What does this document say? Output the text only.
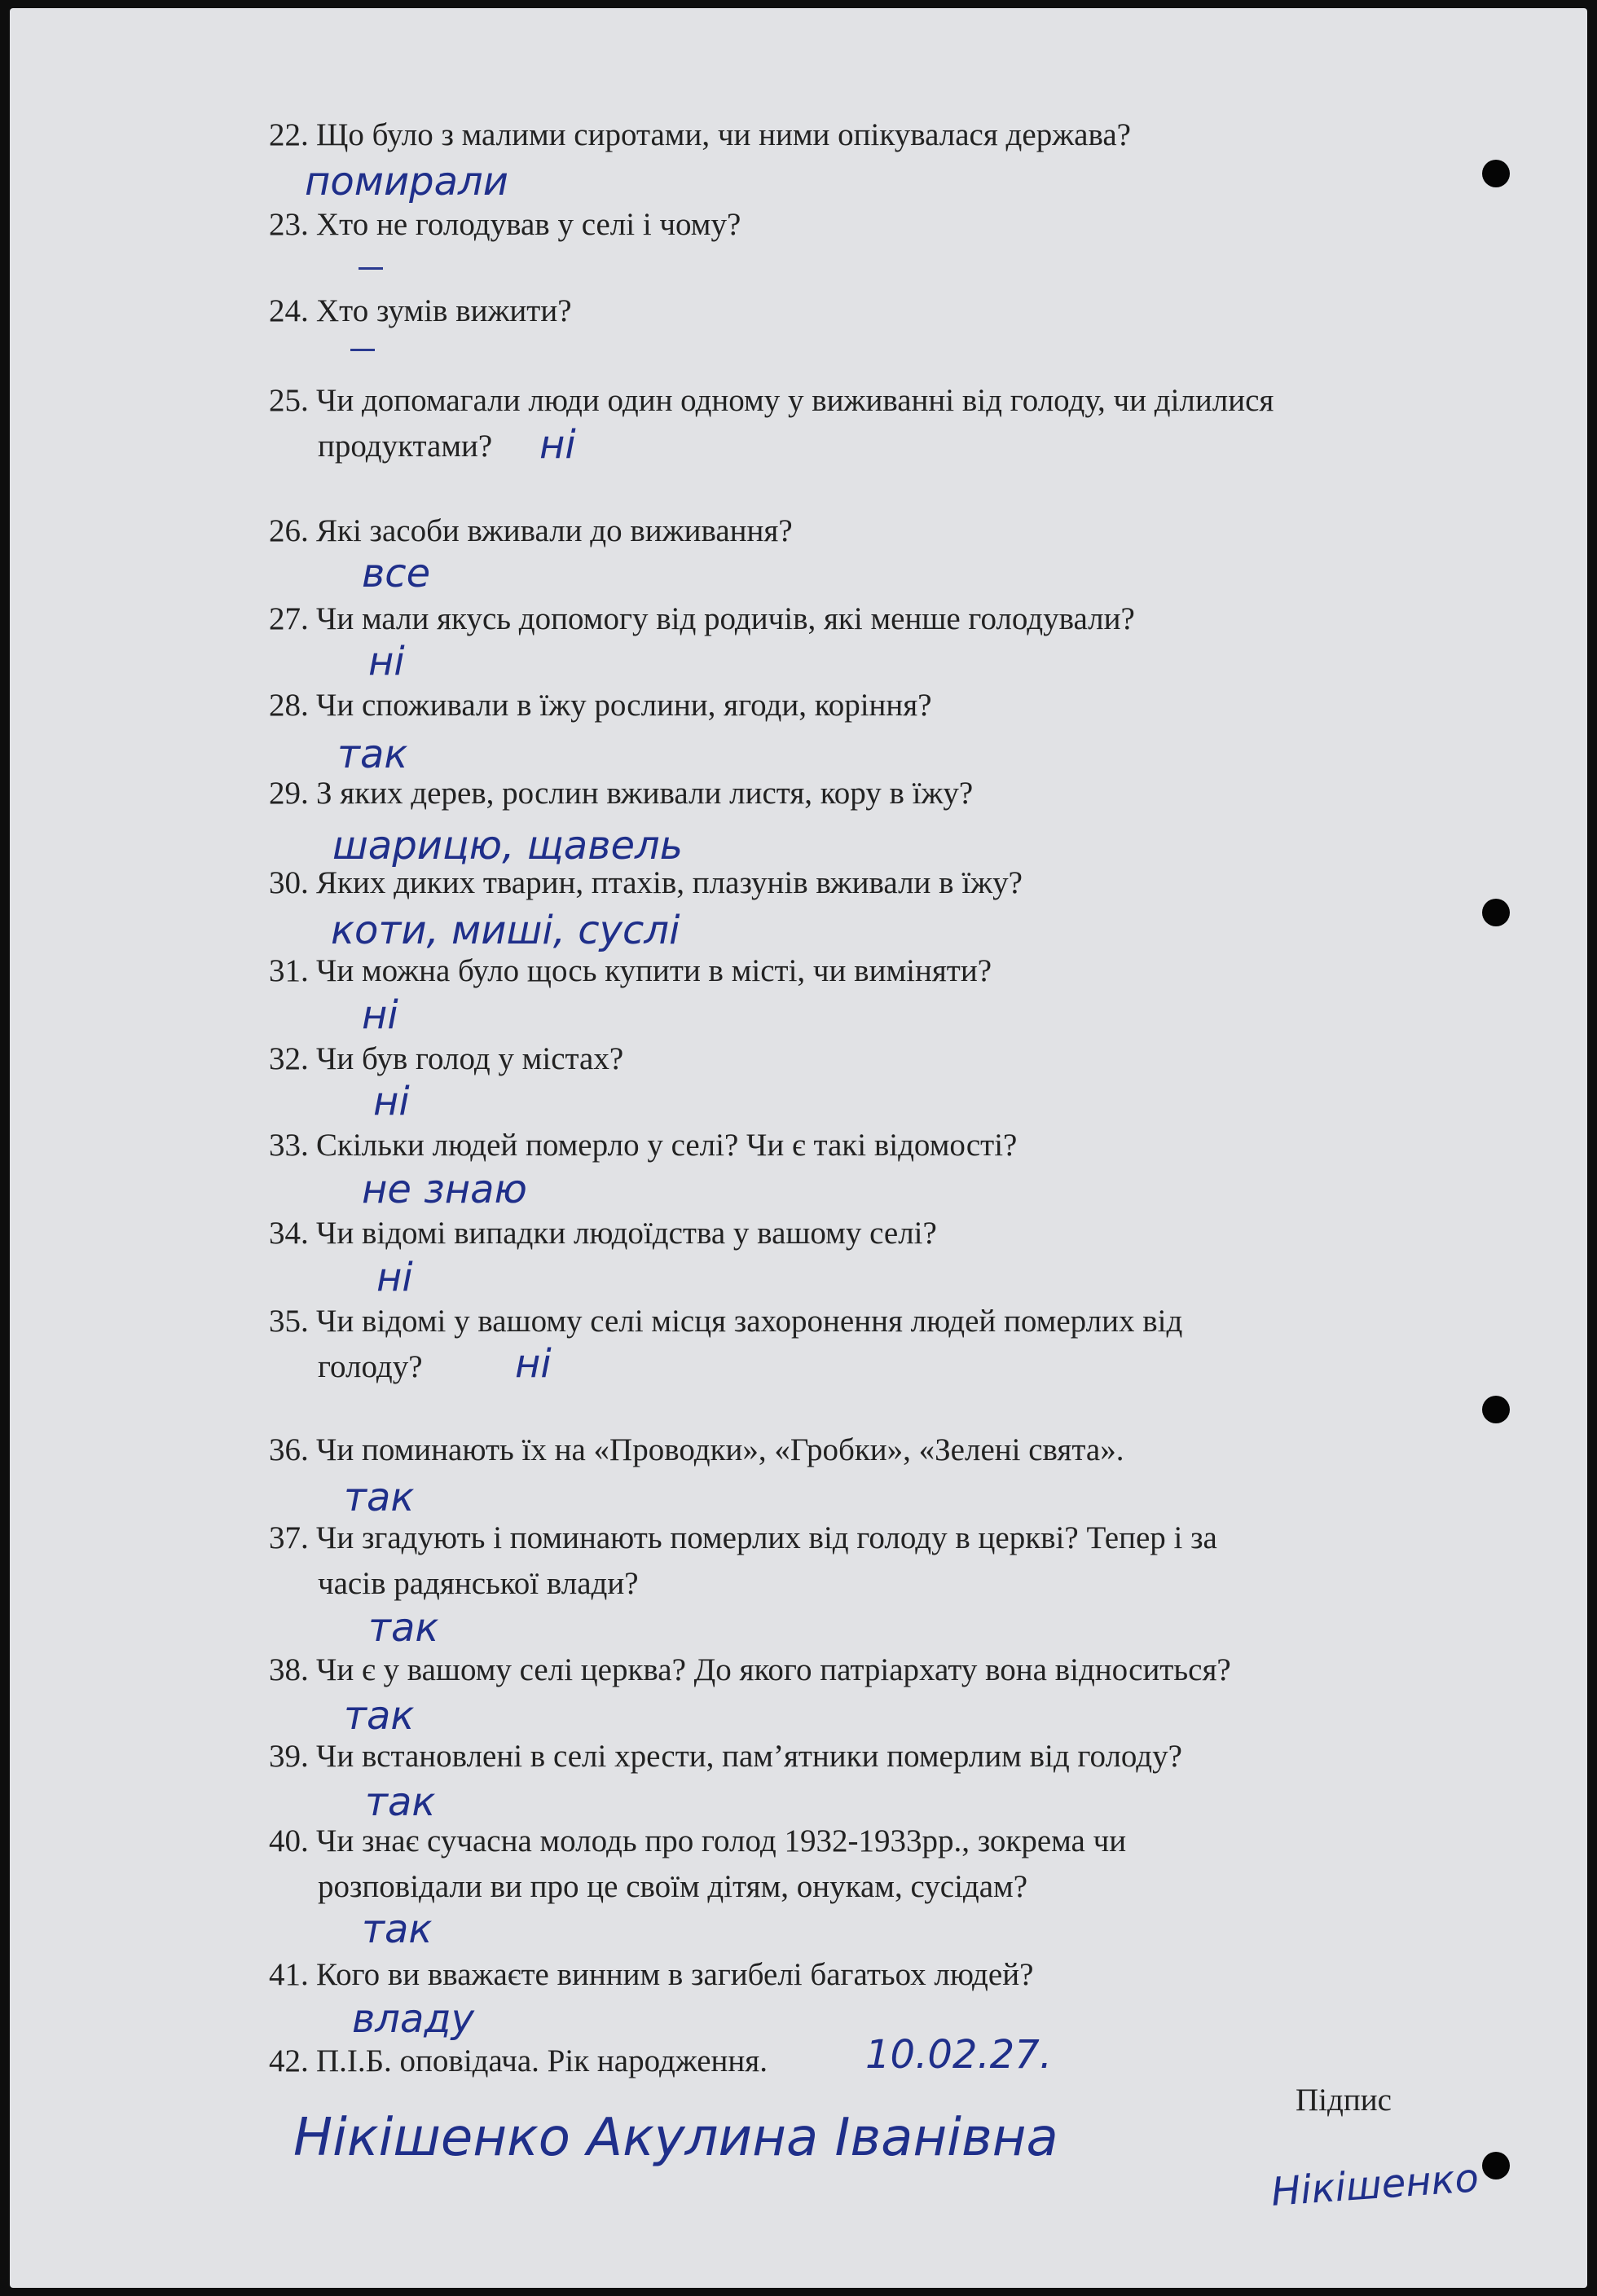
22. Що було з малими сиротами, чи ними опікувалася держава?
помирали
23. Хто не голодував у селі і чому?
24. Хто зумів вижити?
25. Чи допомагали люди один одному у виживанні від голоду, чи ділилися
продуктами?	ні
26. Які засоби вживали до виживання?
все
27. Чи мали якусь допомогу від родичів, які менше голодували?
ні
28. Чи споживали в їжу рослини, ягоди, коріння?
так
29. З яких дерев, рослин вживали листя, кору в їжу?
шарицю, щавель
30. Яких диких тварин, птахів, плазунів вживали в їжу?
коти, миші, суслі
31. Чи можна було щось купити в місті, чи виміняти?
ні
32. Чи був голод у містах?
ні
33. Скільки людей померло у селі? Чи є такі відомості?
не знаю
34. Чи відомі випадки людоїдства у вашому селі?
ні
35. Чи відомі у вашому селі місця захоронення людей померлих від
голоду?	ні
36. Чи поминають їх на «Проводки», «Гробки», «Зелені свята».
так
37. Чи згадують і поминають померлих від голоду в церкві? Тепер і за
часів радянської влади?
так
38. Чи є у вашому селі церква? До якого патріархату вона відноситься?
так
39. Чи встановлені в селі хрести, пам’ятники померлим від голоду?
так
40. Чи знає сучасна молодь про голод 1932-1933рр., зокрема чи
розповідали ви про це своїм дітям, онукам, сусідам?
так
41. Кого ви вважаєте винним в загибелі багатьох людей?
владу
42. П.І.Б. оповідача. Рік народження.	10.02.27.
Підпис
Нікішенко Акулина Іванівна
Нікішенко
